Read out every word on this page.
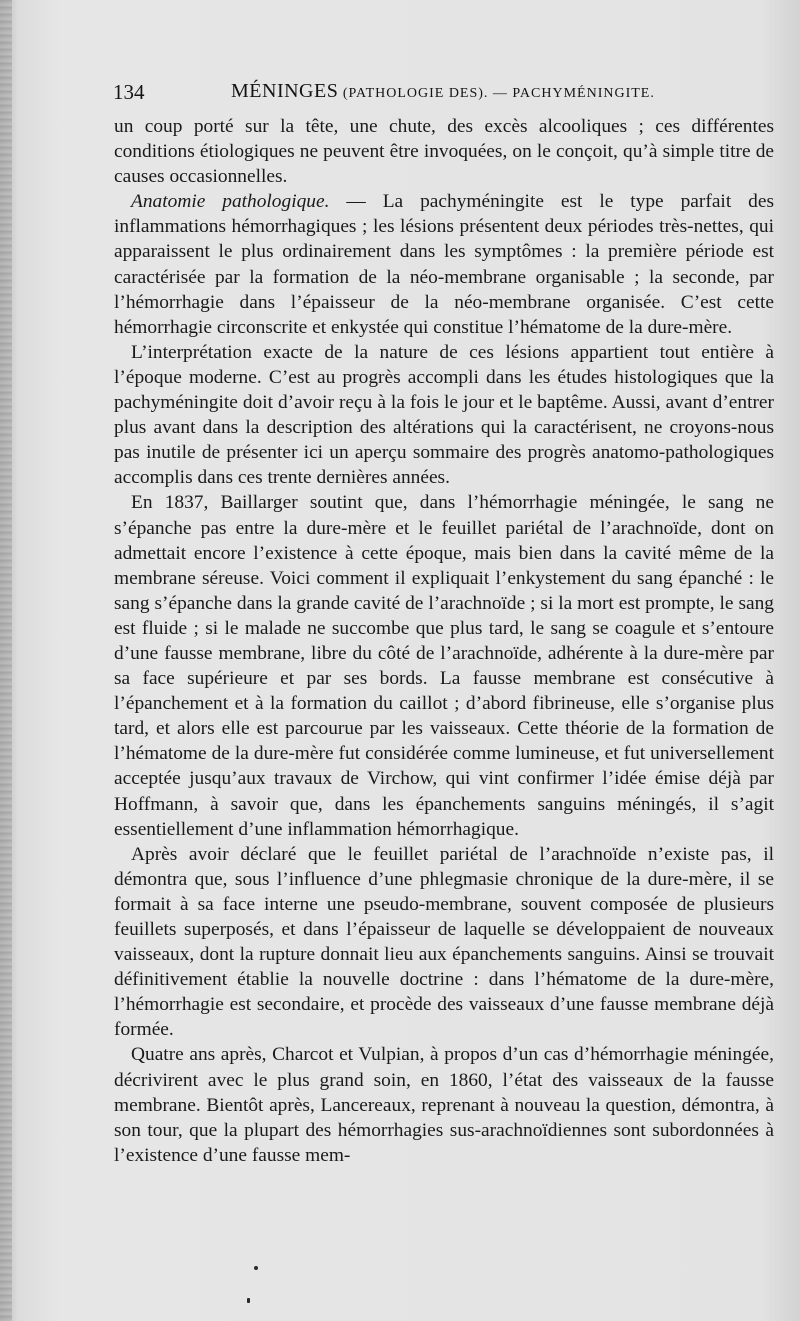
134	MÉNINGES (PATHOLOGIE DES). — PACHYMÉNINGITE.

un coup porté sur la tête, une chute, des excès alcooliques ; ces différentes conditions étiologiques ne peuvent être invoquées, on le conçoit, qu’à simple titre de causes occasionnelles.

Anatomie pathologique. — La pachyméningite est le type parfait des inflammations hémorrhagiques ; les lésions présentent deux périodes très-nettes, qui apparaissent le plus ordinairement dans les symptômes : la première période est caractérisée par la formation de la néo-membrane organisable ; la seconde, par l’hémorrhagie dans l’épaisseur de la néo-membrane organisée. C’est cette hémorrhagie circonscrite et enkystée qui constitue l’hématome de la dure-mère.

L’interprétation exacte de la nature de ces lésions appartient tout entière à l’époque moderne. C’est au progrès accompli dans les études histologiques que la pachyméningite doit d’avoir reçu à la fois le jour et le baptême. Aussi, avant d’entrer plus avant dans la description des altérations qui la caractérisent, ne croyons-nous pas inutile de présenter ici un aperçu sommaire des progrès anatomo-pathologiques accomplis dans ces trente dernières années.

En 1837, Baillarger soutint que, dans l’hémorrhagie méningée, le sang ne s’épanche pas entre la dure-mère et le feuillet pariétal de l’arachnoïde, dont on admettait encore l’existence à cette époque, mais bien dans la cavité même de la membrane séreuse. Voici comment il expliquait l’enkystement du sang épanché : le sang s’épanche dans la grande cavité de l’arachnoïde ; si la mort est prompte, le sang est fluide ; si le malade ne succombe que plus tard, le sang se coagule et s’entoure d’une fausse membrane, libre du côté de l’arachnoïde, adhérente à la dure-mère par sa face supérieure et par ses bords. La fausse membrane est consécutive à l’épanchement et à la formation du caillot ; d’abord fibrineuse, elle s’organise plus tard, et alors elle est parcourue par les vaisseaux. Cette théorie de la formation de l’hématome de la dure-mère fut considérée comme lumineuse, et fut universellement acceptée jusqu’aux travaux de Virchow, qui vint confirmer l’idée émise déjà par Hoffmann, à savoir que, dans les épanchements sanguins méningés, il s’agit essentiellement d’une inflammation hémorrhagique.

Après avoir déclaré que le feuillet pariétal de l’arachnoïde n’existe pas, il démontra que, sous l’influence d’une phlegmasie chronique de la dure-mère, il se formait à sa face interne une pseudo-membrane, souvent composée de plusieurs feuillets superposés, et dans l’épaisseur de laquelle se développaient de nouveaux vaisseaux, dont la rupture donnait lieu aux épanchements sanguins. Ainsi se trouvait définitivement établie la nouvelle doctrine : dans l’hématome de la dure-mère, l’hémorrhagie est secondaire, et procède des vaisseaux d’une fausse membrane déjà formée.

Quatre ans après, Charcot et Vulpian, à propos d’un cas d’hémorrhagie méningée, décrivirent avec le plus grand soin, en 1860, l’état des vaisseaux de la fausse membrane. Bientôt après, Lancereaux, reprenant à nouveau la question, démontra, à son tour, que la plupart des hémorrhagies sus-arachnoïdiennes sont subordonnées à l’existence d’une fausse mem-
